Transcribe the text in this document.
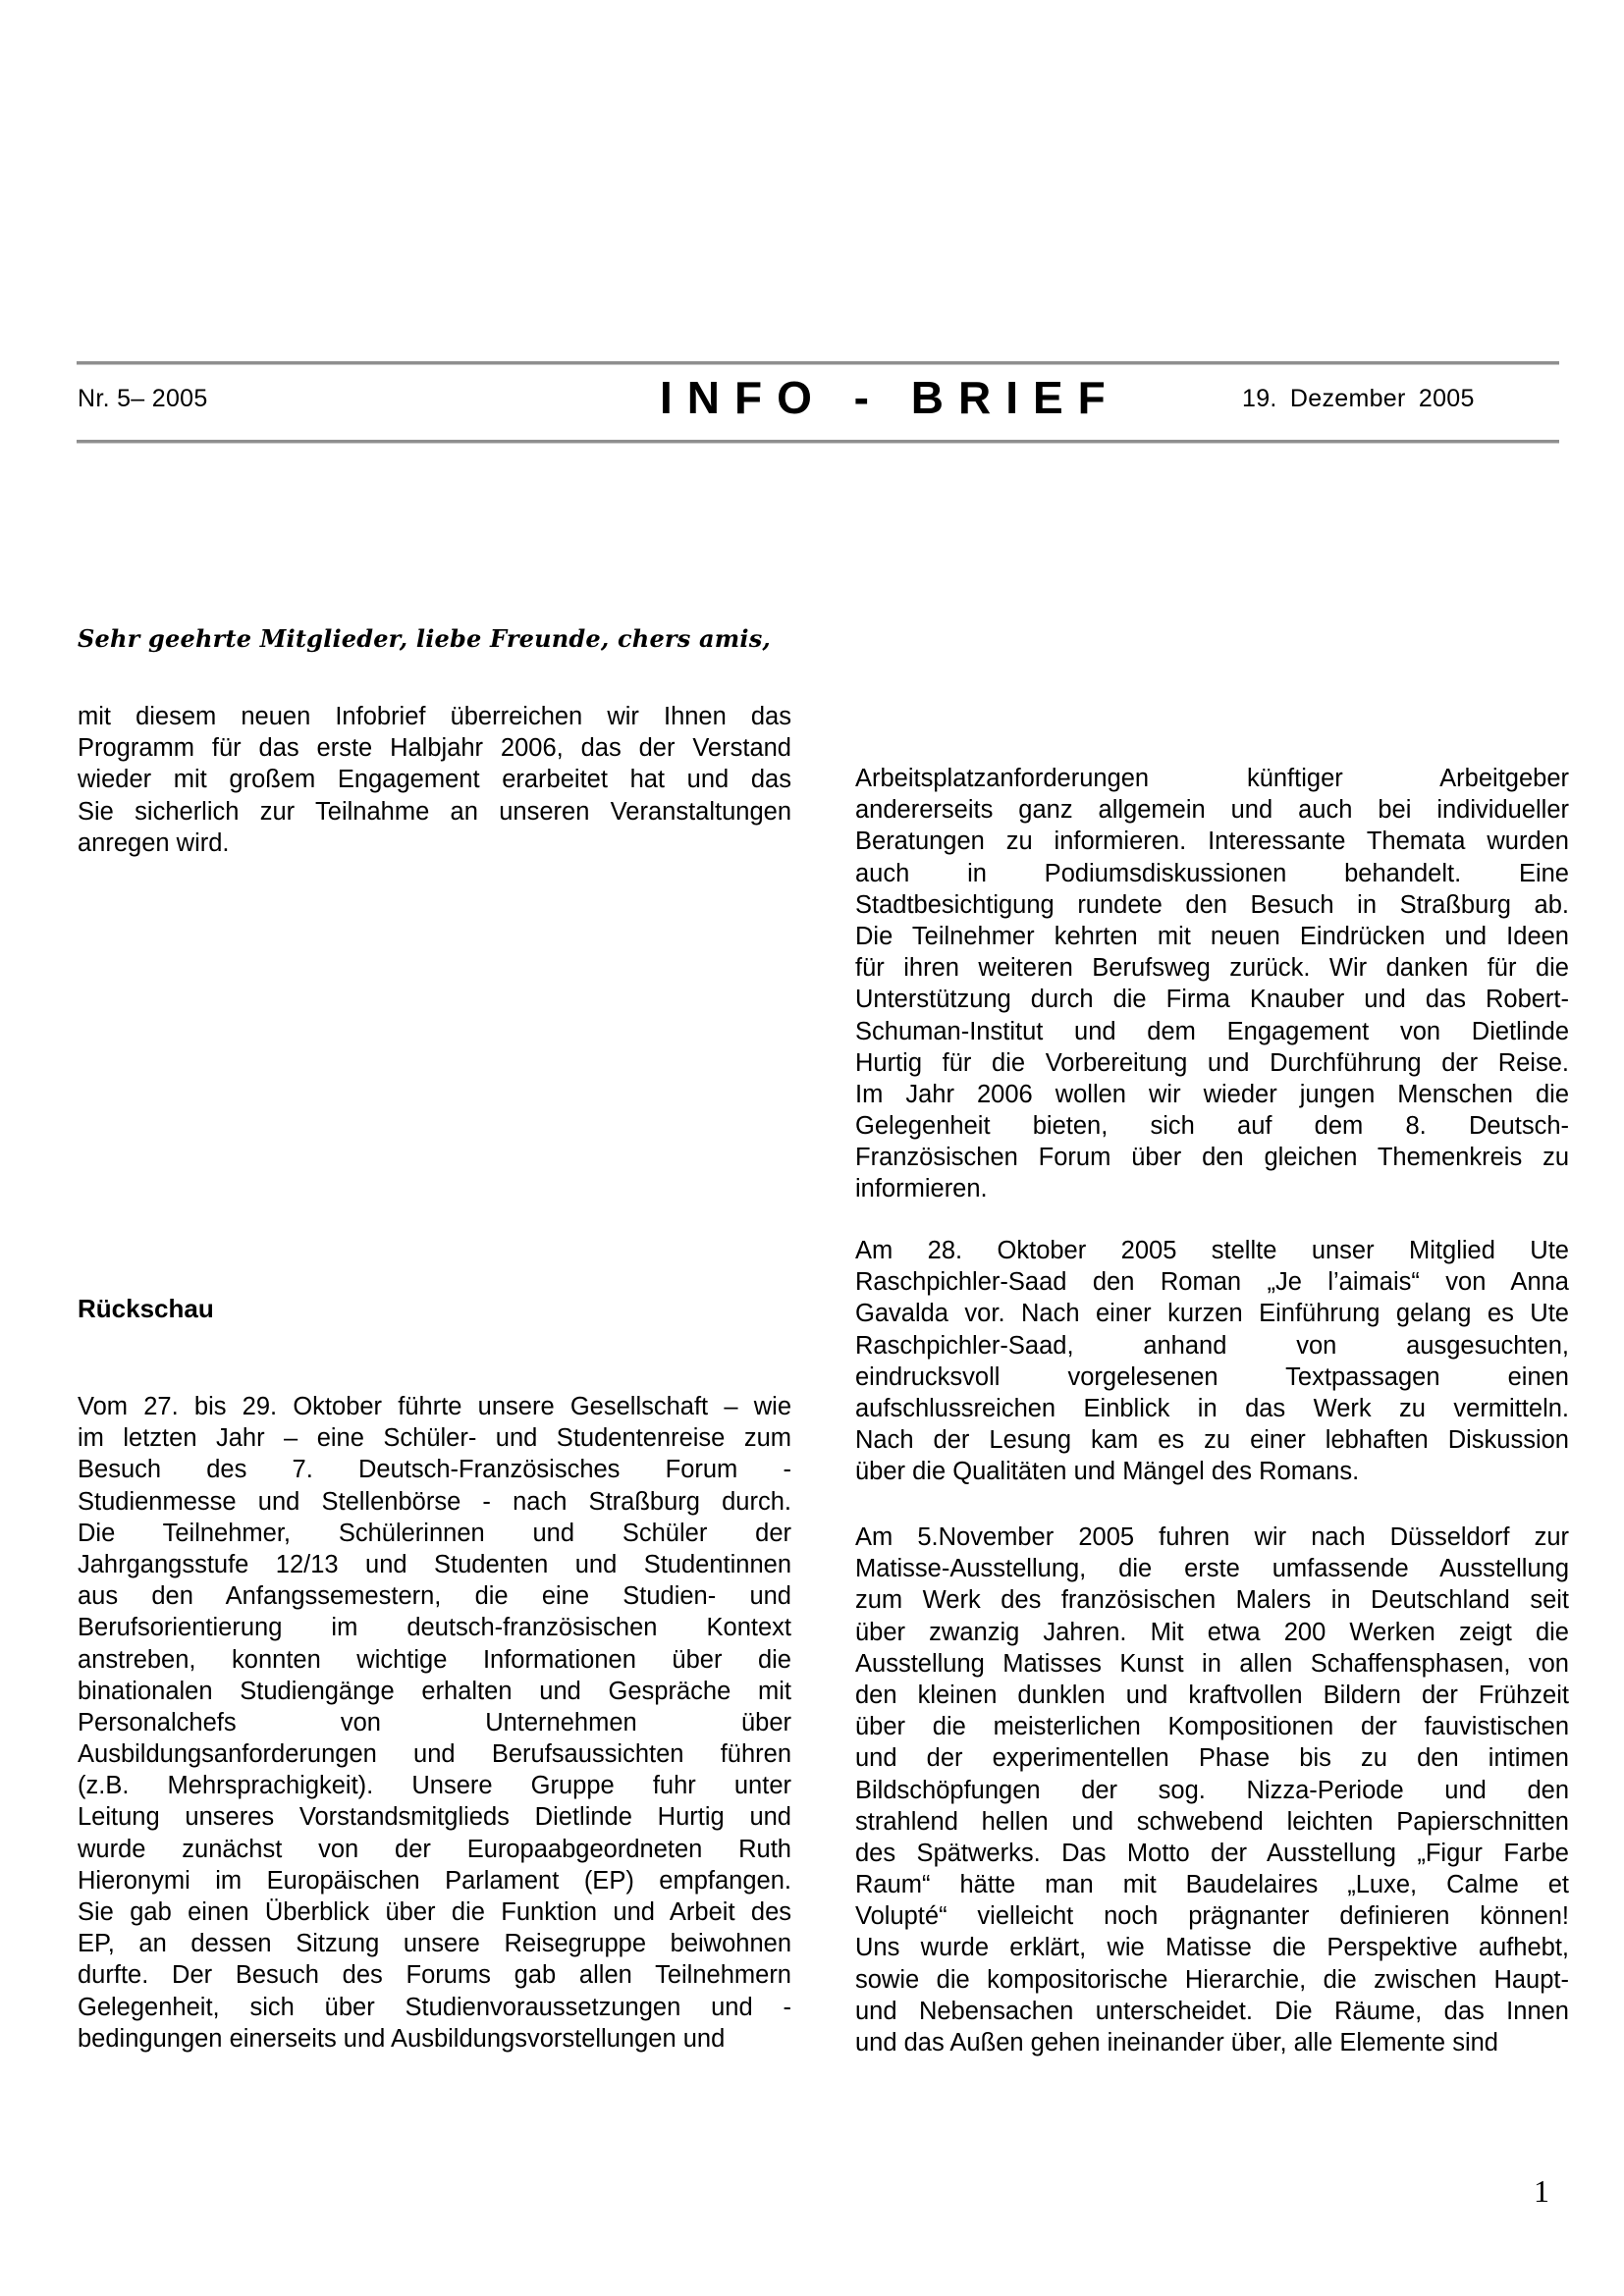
Nr. 5– 2005	INFO - BRIEF	19. Dezember 2005
Sehr geehrte Mitglieder, liebe Freunde, chers amis,
mit diesem neuen Infobrief überreichen wir Ihnen das
Programm für das erste Halbjahr 2006, das der Verstand
wieder mit großem Engagement erarbeitet hat und das
Sie sicherlich zur Teilnahme an unseren Veranstaltungen
anregen wird.
Rückschau
Vom 27. bis 29. Oktober führte unsere Gesellschaft – wie
im letzten Jahr – eine Schüler- und Studentenreise zum
Besuch des 7. Deutsch-Französisches Forum -
Studienmesse und Stellenbörse - nach Straßburg durch.
Die Teilnehmer, Schülerinnen und Schüler der
Jahrgangsstufe 12/13 und Studenten und Studentinnen
aus den Anfangssemestern, die eine Studien- und
Berufsorientierung im deutsch-französischen Kontext
anstreben, konnten wichtige Informationen über die
binationalen Studiengänge erhalten und Gespräche mit
Personalchefs von Unternehmen über
Ausbildungsanforderungen und Berufsaussichten führen
(z.B. Mehrsprachigkeit). Unsere Gruppe fuhr unter
Leitung unseres Vorstandsmitglieds Dietlinde Hurtig und
wurde zunächst von der Europaabgeordneten Ruth
Hieronymi im Europäischen Parlament (EP) empfangen.
Sie gab einen Überblick über die Funktion und Arbeit des
EP, an dessen Sitzung unsere Reisegruppe beiwohnen
durfte. Der Besuch des Forums gab allen Teilnehmern
Gelegenheit, sich über Studienvoraussetzungen und -
bedingungen einerseits und Ausbildungsvorstellungen und
Arbeitsplatzanforderungen künftiger Arbeitgeber
andererseits ganz allgemein und auch bei individueller
Beratungen zu informieren. Interessante Themata wurden
auch in Podiumsdiskussionen behandelt. Eine
Stadtbesichtigung rundete den Besuch in Straßburg ab.
Die Teilnehmer kehrten mit neuen Eindrücken und Ideen
für ihren weiteren Berufsweg zurück. Wir danken für die
Unterstützung durch die Firma Knauber und das Robert-
Schuman-Institut und dem Engagement von Dietlinde
Hurtig für die Vorbereitung und Durchführung der Reise.
Im Jahr 2006 wollen wir wieder jungen Menschen die
Gelegenheit bieten, sich auf dem 8. Deutsch-
Französischen Forum über den gleichen Themenkreis zu
informieren.
Am 28. Oktober 2005 stellte unser Mitglied Ute
Raschpichler-Saad den Roman „Je l’aimais“ von Anna
Gavalda vor. Nach einer kurzen Einführung gelang es Ute
Raschpichler-Saad, anhand von ausgesuchten,
eindrucksvoll vorgelesenen Textpassagen einen
aufschlussreichen Einblick in das Werk zu vermitteln.
Nach der Lesung kam es zu einer lebhaften Diskussion
über die Qualitäten und Mängel des Romans.
Am 5.November 2005 fuhren wir nach Düsseldorf zur
Matisse-Ausstellung, die erste umfassende Ausstellung
zum Werk des französischen Malers in Deutschland seit
über zwanzig Jahren. Mit etwa 200 Werken zeigt die
Ausstellung Matisses Kunst in allen Schaffensphasen, von
den kleinen dunklen und kraftvollen Bildern der Frühzeit
über die meisterlichen Kompositionen der fauvistischen
und der experimentellen Phase bis zu den intimen
Bildschöpfungen der sog. Nizza-Periode und den
strahlend hellen und schwebend leichten Papierschnitten
des Spätwerks. Das Motto der Ausstellung „Figur Farbe
Raum“ hätte man mit Baudelaires „Luxe, Calme et
Volupté“ vielleicht noch prägnanter definieren können!
Uns wurde erklärt, wie Matisse die Perspektive aufhebt,
sowie die kompositorische Hierarchie, die zwischen Haupt-
und Nebensachen unterscheidet. Die Räume, das Innen
und das Außen gehen ineinander über, alle Elemente sind
1
